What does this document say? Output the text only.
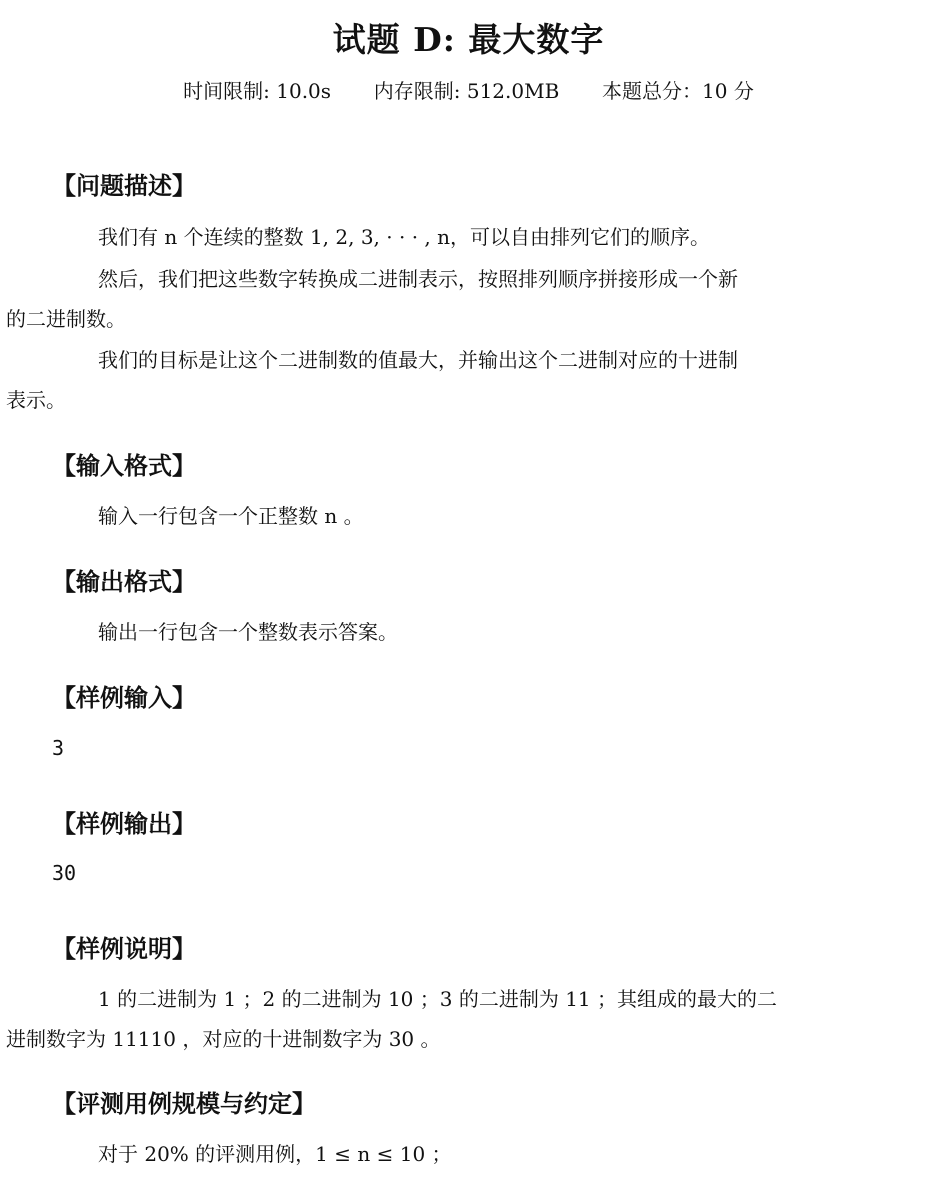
试题 D: 最大数字
时间限制: 10.0s 内存限制: 512.0MB 本题总分：10 分
【问题描述】
我们有 n 个连续的整数 1, 2, 3, · · · , n，可以自由排列它们的顺序。
然后，我们把这些数字转换成二进制表示，按照排列顺序拼接形成一个新
的二进制数。
我们的目标是让这个二进制数的值最大，并输出这个二进制对应的十进制
表示。
【输入格式】
输入一行包含一个正整数 n 。
【输出格式】
输出一行包含一个整数表示答案。
【样例输入】
3
【样例输出】
30
【样例说明】
1 的二进制为 1 ；2 的二进制为 10 ；3 的二进制为 11 ；其组成的最大的二
进制数字为 11110 ，对应的十进制数字为 30 。
【评测用例规模与约定】
对于 20% 的评测用例，1 ≤ n ≤ 10 ；
